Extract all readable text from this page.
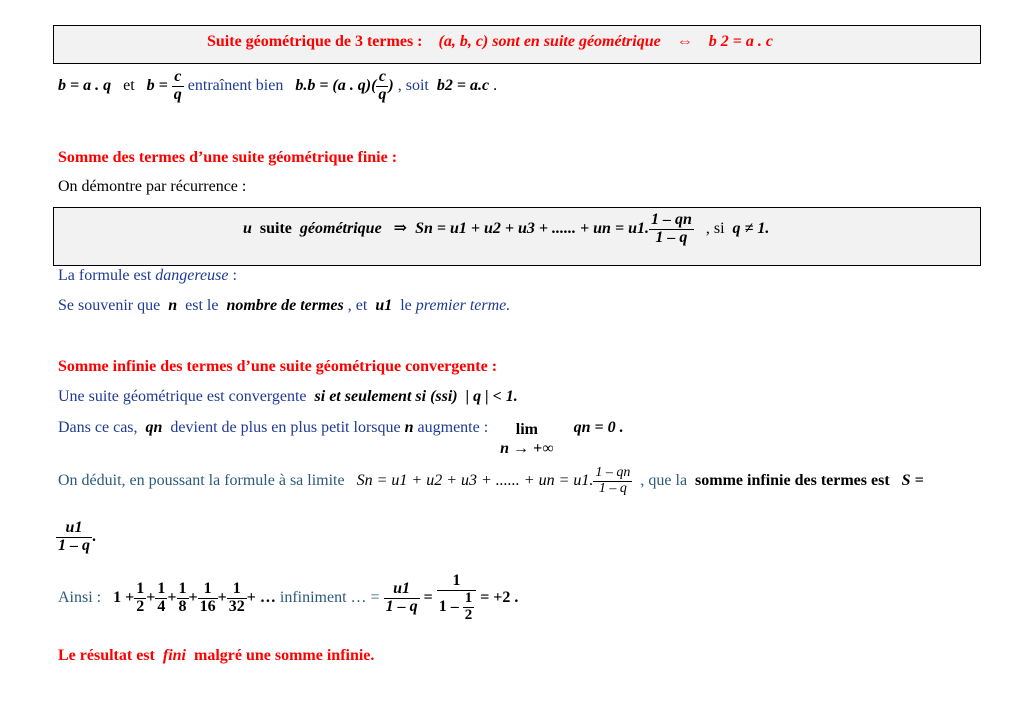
Suite géométrique de 3 termes : (a, b, c) sont en suite géométrique ⇔ b 2 = a . c
b = a . q et $b = \frac{c}{q}$ entraînent bien b.b = (a . $q)( \frac{c}{q}$ ) , soit b2 = a.c .
Somme des termes d’une suite géométrique finie :
On démontre par récurrence :
u suite géométrique ⇒ Sn = u1 + u2 + u3 + ...... + un = u1. $\frac{1 - qn}{1 - q}$ , si q ≠ 1.
La formule est dangereuse :
Se souvenir que n est le nombre de termes , et u1 le premier terme.
Somme infinie des termes d’une suite géométrique convergente :
Une suite géométrique est convergente si et seulement si (ssi) | q | < 1.
Dans ce cas, qn devient de plus en plus petit lorsque n augmente : lim
n → +∞     qn = 0 .
On déduit, en poussant la formule à sa limite Sn = u1 + u2 + u3 + ...... + un = u1. $\frac{1 - qn}{1 - q}$ , que la somme infinie des termes est S =
$\frac{u1}{1 - q}$ .
Ainsi : $1 + \frac{1}{2} + \frac{1}{4} + \frac{1}{8} + \frac{1}{16} + \frac{1}{32}$ + … infiniment … = $\frac{u1}{1 - q} = \frac{1}{1 - \frac{1}{2}} = +2$ .
Le résultat est fini malgré une somme infinie.
